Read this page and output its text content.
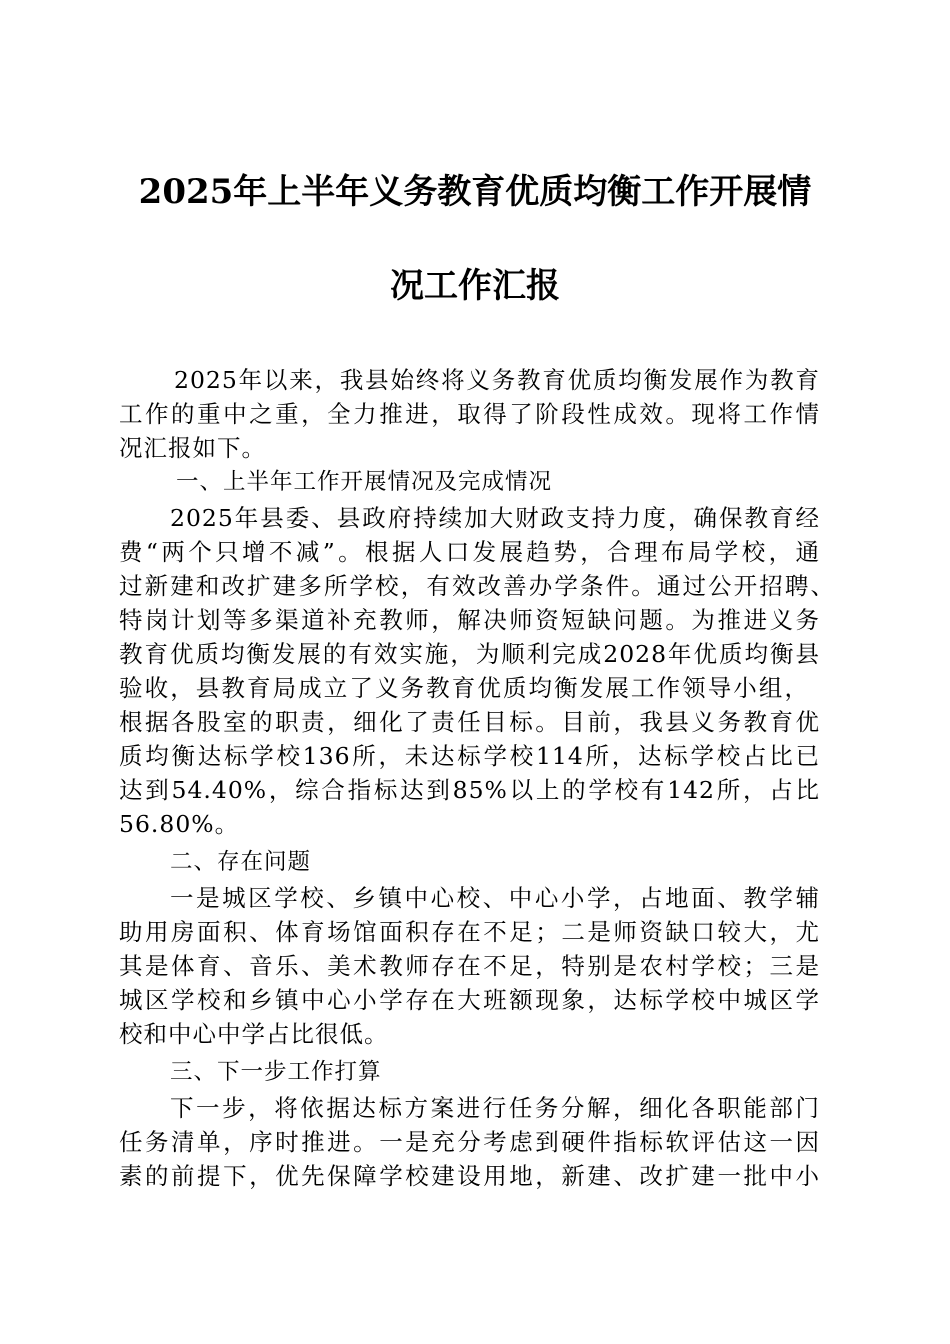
2025年上半年义务教育优质均衡工作开展情
况工作汇报
2025年以来，我县始终将义务教育优质均衡发展作为教育
工作的重中之重，全力推进，取得了阶段性成效。现将工作情
况汇报如下。
一、上半年工作开展情况及完成情况
2025年县委、县政府持续加大财政支持力度，确保教育经
费“两个只增不减”。根据人口发展趋势，合理布局学校，通
过新建和改扩建多所学校，有效改善办学条件。通过公开招聘、
特岗计划等多渠道补充教师，解决师资短缺问题。为推进义务
教育优质均衡发展的有效实施，为顺利完成2028年优质均衡县
验收，县教育局成立了义务教育优质均衡发展工作领导小组，
根据各股室的职责，细化了责任目标。目前，我县义务教育优
质均衡达标学校136所，未达标学校114所，达标学校占比已
达到54.40%，综合指标达到85%以上的学校有142所，占比
56.80%。
二、存在问题
一是城区学校、乡镇中心校、中心小学，占地面、教学辅
助用房面积、体育场馆面积存在不足；二是师资缺口较大，尤
其是体育、音乐、美术教师存在不足，特别是农村学校；三是
城区学校和乡镇中心小学存在大班额现象，达标学校中城区学
校和中心中学占比很低。
三、下一步工作打算
下一步，将依据达标方案进行任务分解，细化各职能部门
任务清单，序时推进。一是充分考虑到硬件指标软评估这一因
素的前提下，优先保障学校建设用地，新建、改扩建一批中小
